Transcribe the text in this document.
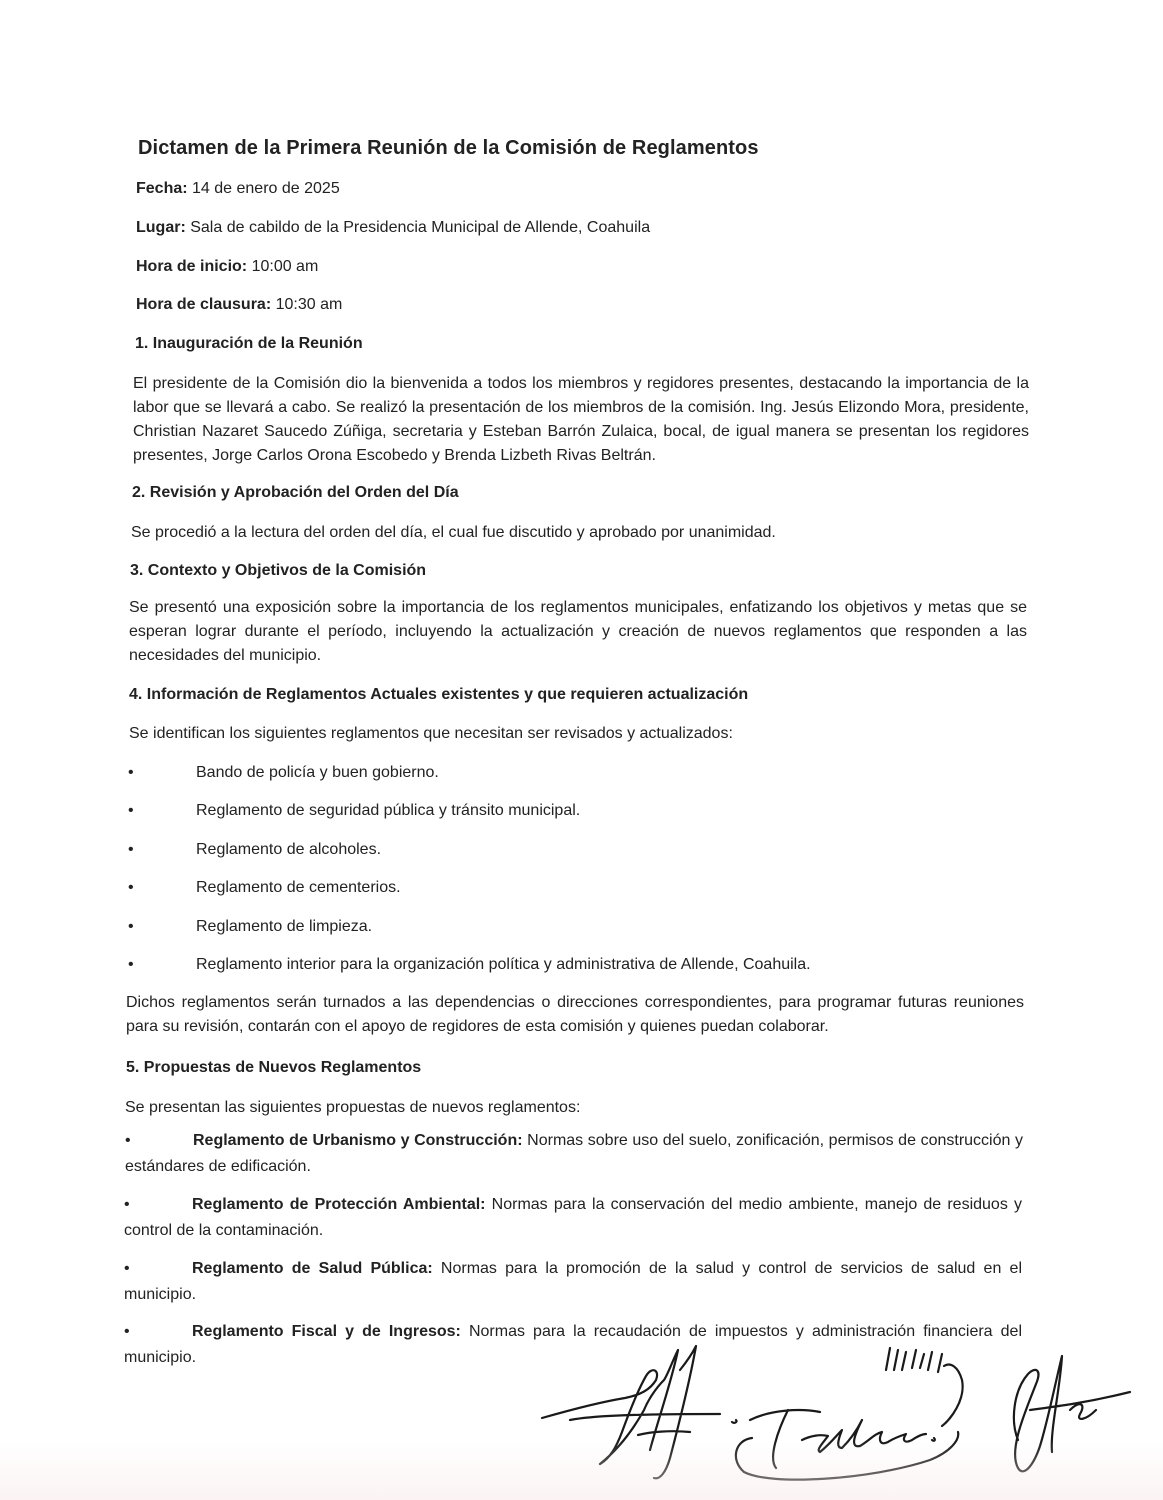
Dictamen de la Primera Reunión de la Comisión de Reglamentos
Fecha: 14 de enero de 2025
Lugar: Sala de cabildo de la Presidencia Municipal de Allende, Coahuila
Hora de inicio: 10:00 am
Hora de clausura: 10:30 am
1. Inauguración de la Reunión
El presidente de la Comisión dio la bienvenida a todos los miembros y regidores presentes, destacando la importancia de la labor que se llevará a cabo. Se realizó la presentación de los miembros de la comisión. Ing. Jesús Elizondo Mora, presidente, Christian Nazaret Saucedo Zúñiga, secretaria y Esteban Barrón Zulaica, bocal, de igual manera se presentan los regidores presentes, Jorge Carlos Orona Escobedo y Brenda Lizbeth Rivas Beltrán.
2. Revisión y Aprobación del Orden del Día
Se procedió a la lectura del orden del día, el cual fue discutido y aprobado por unanimidad.
3. Contexto y Objetivos de la Comisión
Se presentó una exposición sobre la importancia de los reglamentos municipales, enfatizando los objetivos y metas que se esperan lograr durante el período, incluyendo la actualización y creación de nuevos reglamentos que responden a las necesidades del municipio.
4. Información de Reglamentos Actuales existentes y que requieren actualización
Se identifican los siguientes reglamentos que necesitan ser revisados y actualizados:
•	Bando de policía y buen gobierno.
•	Reglamento de seguridad pública y tránsito municipal.
•	Reglamento de alcoholes.
•	Reglamento de cementerios.
•	Reglamento de limpieza.
•	Reglamento interior para la organización política y administrativa de Allende, Coahuila.
Dichos reglamentos serán turnados a las dependencias o direcciones correspondientes, para programar futuras reuniones para su revisión, contarán con el apoyo de regidores de esta comisión y quienes puedan colaborar.
5. Propuestas de Nuevos Reglamentos
Se presentan las siguientes propuestas de nuevos reglamentos:
•	Reglamento de Urbanismo y Construcción: Normas sobre uso del suelo, zonificación, permisos de construcción y estándares de edificación.
•	Reglamento de Protección Ambiental: Normas para la conservación del medio ambiente, manejo de residuos y control de la contaminación.
•	Reglamento de Salud Pública: Normas para la promoción de la salud y control de servicios de salud en el municipio.
•	Reglamento Fiscal y de Ingresos: Normas para la recaudación de impuestos y administración financiera del municipio.
